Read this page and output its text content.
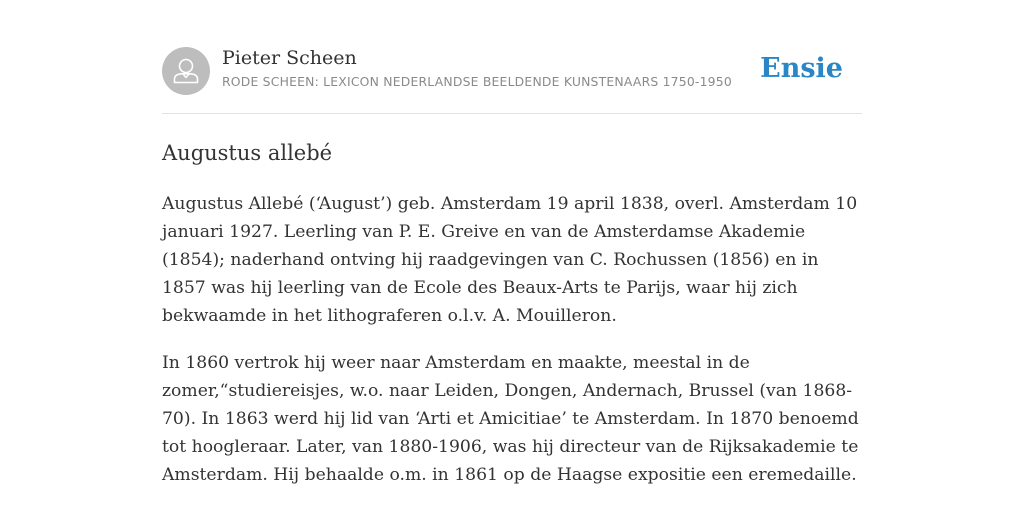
Pieter Scheen
RODE SCHEEN: LEXICON NEDERLANDSE BEELDENDE KUNSTENAARS 1750-1950 Ensie
Augustus allebé

Augustus Allebé (‘August’) geb. Amsterdam 19 april 1838, overl. Amsterdam 10 januari 1927. Leerling van P. E. Greive en van de Amsterdamse Akademie (1854); naderhand ontving hij raadgevingen van C. Rochussen (1856) en in 1857 was hij leerling van de Ecole des Beaux-Arts te Parijs, waar hij zich bekwaamde in het lithograferen o.l.v. A. Mouilleron.

In 1860 vertrok hij weer naar Amsterdam en maakte, meestal in de zomer,“studiereisjes, w.o. naar Leiden, Dongen, Andernach, Brussel (van 1868-70). In 1863 werd hij lid van ‘Arti et Amicitiae’ te Amsterdam. In 1870 benoemd tot hoogleraar. Later, van 1880-1906, was hij directeur van de Rijksakademie te Amsterdam. Hij behaalde o.m. in 1861 op de Haagse expositie een eremedaille.
